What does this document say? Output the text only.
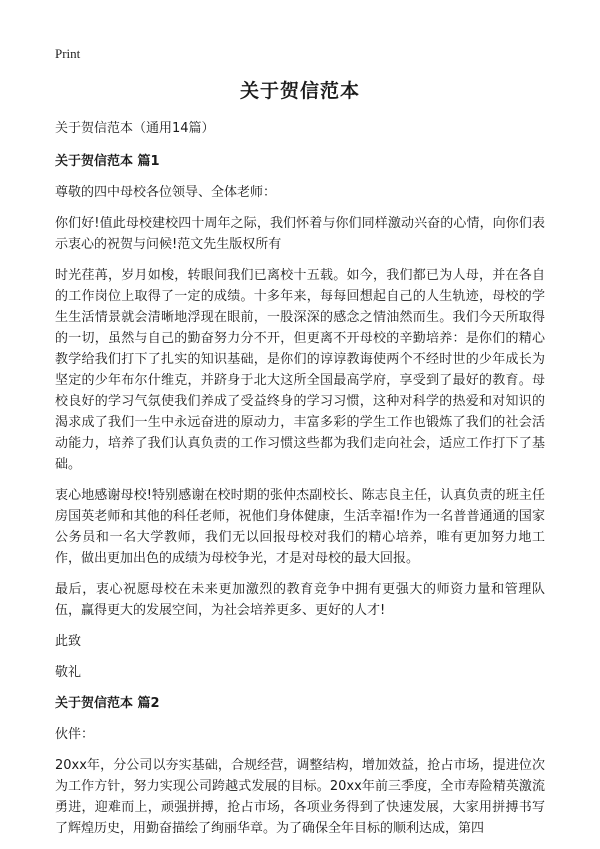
Print
关于贺信范本

关于贺信范本（通用14篇）

关于贺信范本 篇1

尊敬的四中母校各位领导、全体老师：

你们好!值此母校建校四十周年之际，我们怀着与你们同样激动兴奋的心情，向你们表示衷心的祝贺与问候!范文先生版权所有

时光荏苒，岁月如梭，转眼间我们已离校十五载。如今，我们都已为人母，并在各自的工作岗位上取得了一定的成绩。十多年来，每每回想起自己的人生轨迹，母校的学生生活情景就会清晰地浮现在眼前，一股深深的感念之情油然而生。我们今天所取得的一切，虽然与自己的勤奋努力分不开，但更离不开母校的辛勤培养：是你们的精心教学给我们打下了扎实的知识基础，是你们的谆谆教诲使两个不经时世的少年成长为坚定的少年布尔什维克，并跻身于北大这所全国最高学府，享受到了最好的教育。母校良好的学习气氛使我们养成了受益终身的学习习惯，这种对科学的热爱和对知识的渴求成了我们一生中永远奋进的原动力，丰富多彩的学生工作也锻炼了我们的社会活动能力，培养了我们认真负责的工作习惯这些都为我们走向社会，适应工作打下了基础。

衷心地感谢母校!特别感谢在校时期的张仲杰副校长、陈志良主任，认真负责的班主任房国英老师和其他的科任老师，祝他们身体健康，生活幸福!作为一名普普通通的国家公务员和一名大学教师，我们无以回报母校对我们的精心培养，唯有更加努力地工作，做出更加出色的成绩为母校争光，才是对母校的最大回报。

最后，衷心祝愿母校在未来更加激烈的教育竞争中拥有更强大的师资力量和管理队伍，赢得更大的发展空间，为社会培养更多、更好的人才!

此致

敬礼

关于贺信范本 篇2

伙伴：

20xx年，分公司以夯实基础，合规经营，调整结构，增加效益，抢占市场，提进位次为工作方针，努力实现公司跨越式发展的目标。20xx年前三季度，全市寿险精英激流勇进，迎难而上，顽强拼搏，抢占市场，各项业务得到了快速发展，大家用拼搏书写了辉煌历史，用勤奋描绘了绚丽华章。为了确保全年目标的顺利达成，第四
